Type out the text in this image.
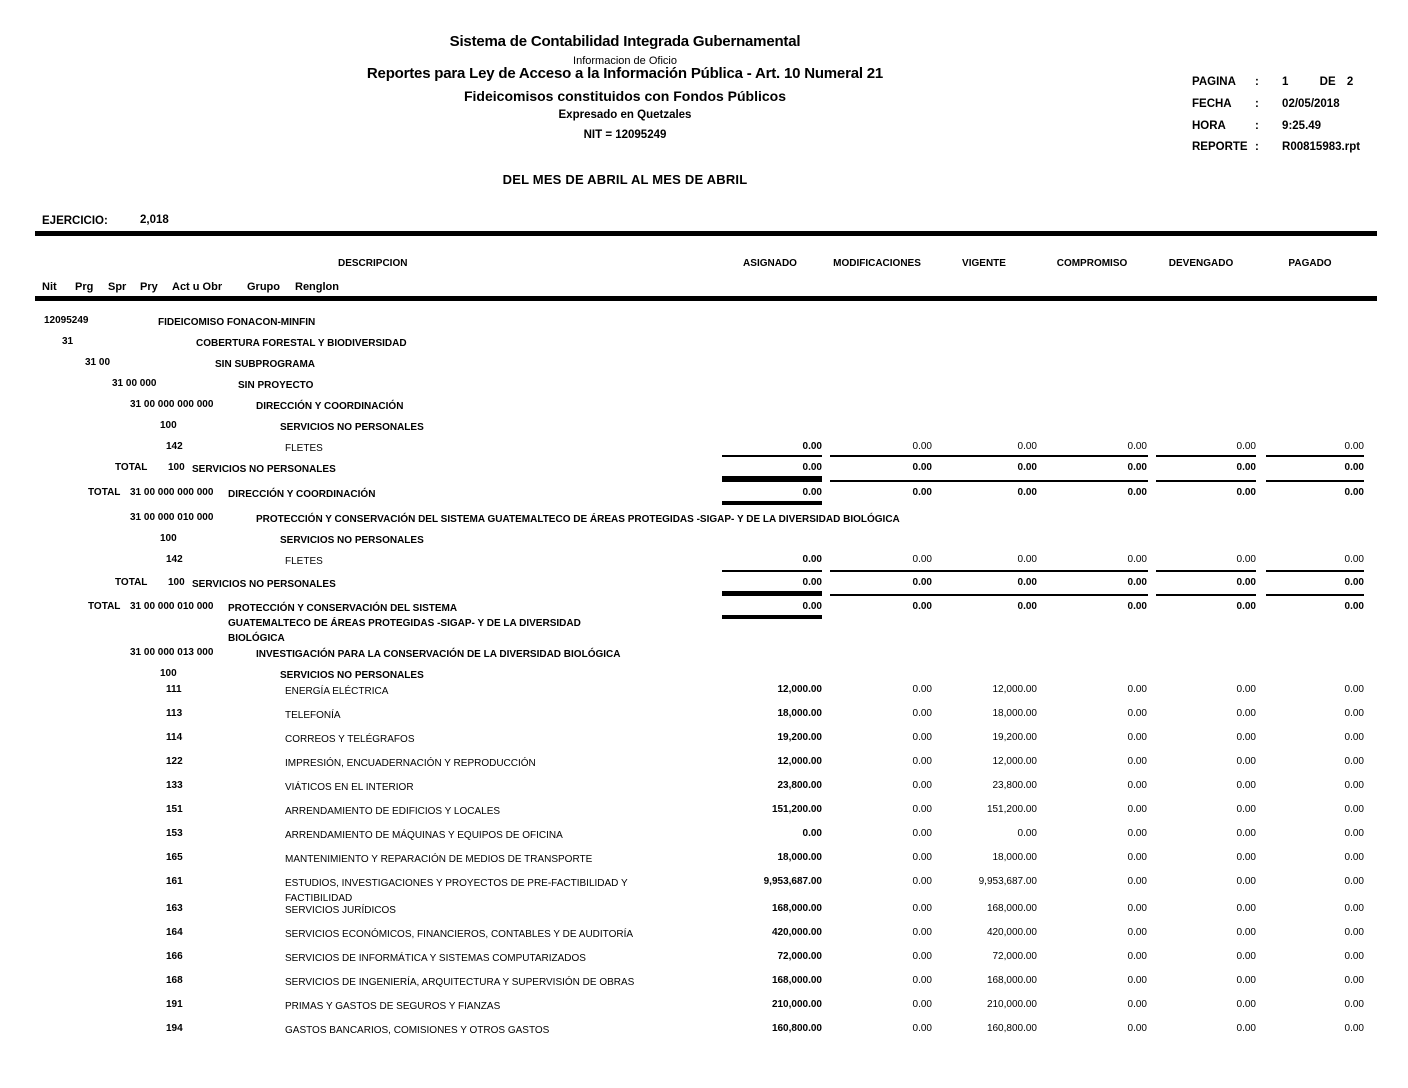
Sistema de Contabilidad Integrada Gubernamental
Informacion de Oficio
Reportes para Ley de Acceso a la Información Pública - Art. 10 Numeral 21
Fideicomisos constituidos con Fondos Públicos
Expresado en Quetzales
NIT = 12095249
DEL MES DE ABRIL AL MES DE ABRIL
PAGINA : 1	DE 2
FECHA : 02/05/2018
HORA	: 9:25.49
REPORTE : R00815983.rpt
EJERCICIO:	2,018
DESCRIPCION	ASIGNADO	MODIFICACIONES	VIGENTE	COMPROMISO	DEVENGADO	PAGADO
Nit Prg Spr Pry Act u Obr Grupo Renglon
12095249	FIDEICOMISO FONACON-MINFIN
31	COBERTURA FORESTAL Y BIODIVERSIDAD
31 00	SIN SUBPROGRAMA
31 00 000	SIN PROYECTO
31 00 000 000 000	DIRECCIÓN Y COORDINACIÓN
100	SERVICIOS NO PERSONALES
142	FLETES	0.00	0.00	0.00	0.00	0.00	0.00
TOTAL 100 SERVICIOS NO PERSONALES	0.00	0.00	0.00	0.00	0.00	0.00
TOTAL 31 00 000 000 000 DIRECCIÓN Y COORDINACIÓN	0.00	0.00	0.00	0.00	0.00	0.00
31 00 000 010 000	PROTECCIÓN Y CONSERVACIÓN DEL SISTEMA GUATEMALTECO DE ÁREAS PROTEGIDAS -SIGAP- Y DE LA DIVERSIDAD BIOLÓGICA
100	SERVICIOS NO PERSONALES
142	FLETES	0.00	0.00	0.00	0.00	0.00	0.00
TOTAL 100 SERVICIOS NO PERSONALES	0.00	0.00	0.00	0.00	0.00	0.00
TOTAL 31 00 000 010 000 PROTECCIÓN Y CONSERVACIÓN DEL SISTEMA
GUATEMALTECO DE ÁREAS PROTEGIDAS -SIGAP- Y DE LA DIVERSIDAD
BIOLÓGICA
0.00	0.00	0.00	0.00	0.00	0.00
31 00 000 013 000	INVESTIGACIÓN PARA LA CONSERVACIÓN DE LA DIVERSIDAD BIOLÓGICA
100	SERVICIOS NO PERSONALES
111	ENERGÍA ELÉCTRICA	12,000.00	0.00	12,000.00	0.00	0.00	0.00
113	TELEFONÍA	18,000.00	0.00	18,000.00	0.00	0.00	0.00
114	CORREOS Y TELÉGRAFOS	19,200.00	0.00	19,200.00	0.00	0.00	0.00
122	IMPRESIÓN, ENCUADERNACIÓN Y REPRODUCCIÓN	12,000.00	0.00	12,000.00	0.00	0.00	0.00
133	VIÁTICOS EN EL INTERIOR	23,800.00	0.00	23,800.00	0.00	0.00	0.00
151	ARRENDAMIENTO DE EDIFICIOS Y LOCALES	151,200.00	0.00	151,200.00	0.00	0.00	0.00
153	ARRENDAMIENTO DE MÁQUINAS Y EQUIPOS DE OFICINA	0.00	0.00	0.00	0.00	0.00	0.00
165	MANTENIMIENTO Y REPARACIÓN DE MEDIOS DE TRANSPORTE	18,000.00	0.00	18,000.00	0.00	0.00	0.00
161	ESTUDIOS, INVESTIGACIONES Y PROYECTOS DE PRE-FACTIBILIDAD Y
FACTIBILIDAD
9,953,687.00	0.00	9,953,687.00	0.00	0.00	0.00
163	SERVICIOS JURÍDICOS	168,000.00	0.00	168,000.00	0.00	0.00	0.00
164	SERVICIOS ECONÓMICOS, FINANCIEROS, CONTABLES Y DE AUDITORÍA	420,000.00	0.00	420,000.00	0.00	0.00	0.00
166	SERVICIOS DE INFORMÁTICA Y SISTEMAS COMPUTARIZADOS	72,000.00	0.00	72,000.00	0.00	0.00	0.00
168	SERVICIOS DE INGENIERÍA, ARQUITECTURA Y SUPERVISIÓN DE OBRAS	168,000.00	0.00	168,000.00	0.00	0.00	0.00
191	PRIMAS Y GASTOS DE SEGUROS Y FIANZAS	210,000.00	0.00	210,000.00	0.00	0.00	0.00
194	GASTOS BANCARIOS, COMISIONES Y OTROS GASTOS	160,800.00	0.00	160,800.00	0.00	0.00	0.00
